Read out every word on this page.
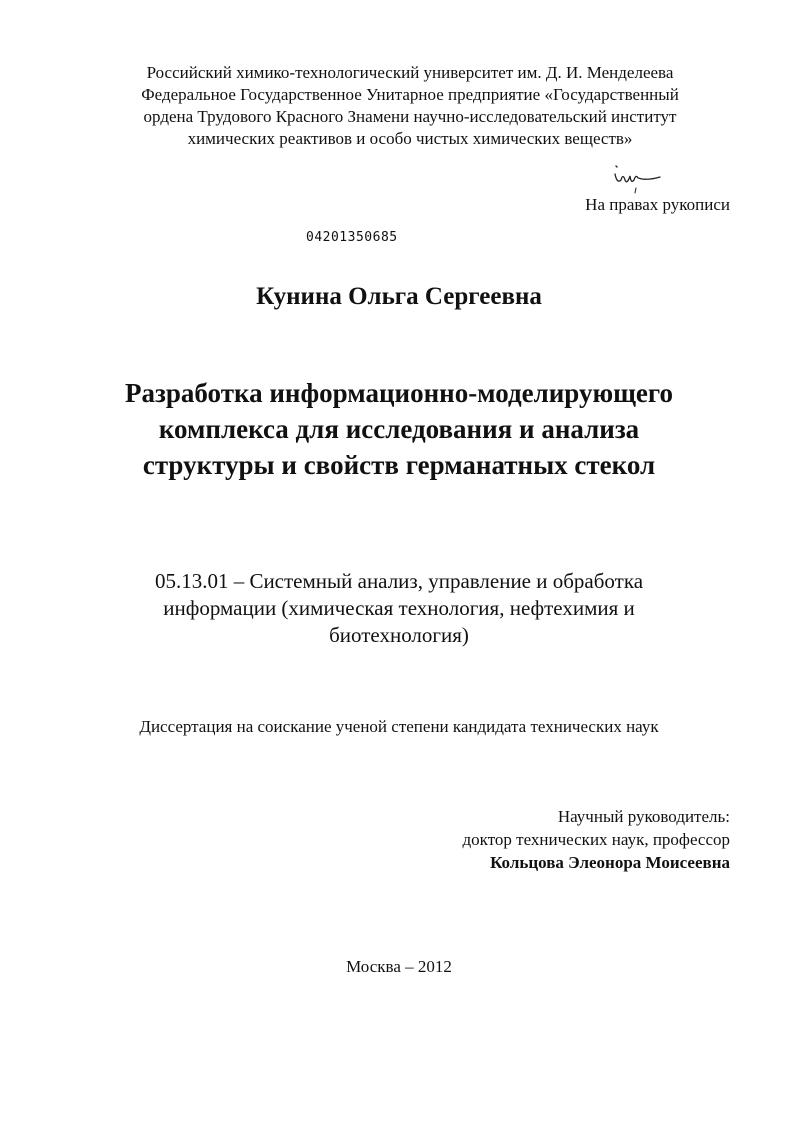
Российский химико-технологический университет им. Д. И. Менделеева
Федеральное Государственное Унитарное предприятие «Государственный
ордена Трудового Красного Знамени научно-исследовательский институт
химических реактивов и особо чистых химических веществ»
На правах рукописи
04201350685
Кунина Ольга Сергеевна
Разработка информационно-моделирующего
комплекса для исследования и анализа
структуры и свойств германатных стекол
05.13.01 – Системный анализ, управление и обработка
информации (химическая технология, нефтехимия и
биотехнология)
Диссертация на соискание ученой степени кандидата технических наук
Научный руководитель:
доктор технических наук, профессор
Кольцова Элеонора Моисеевна
Москва – 2012
